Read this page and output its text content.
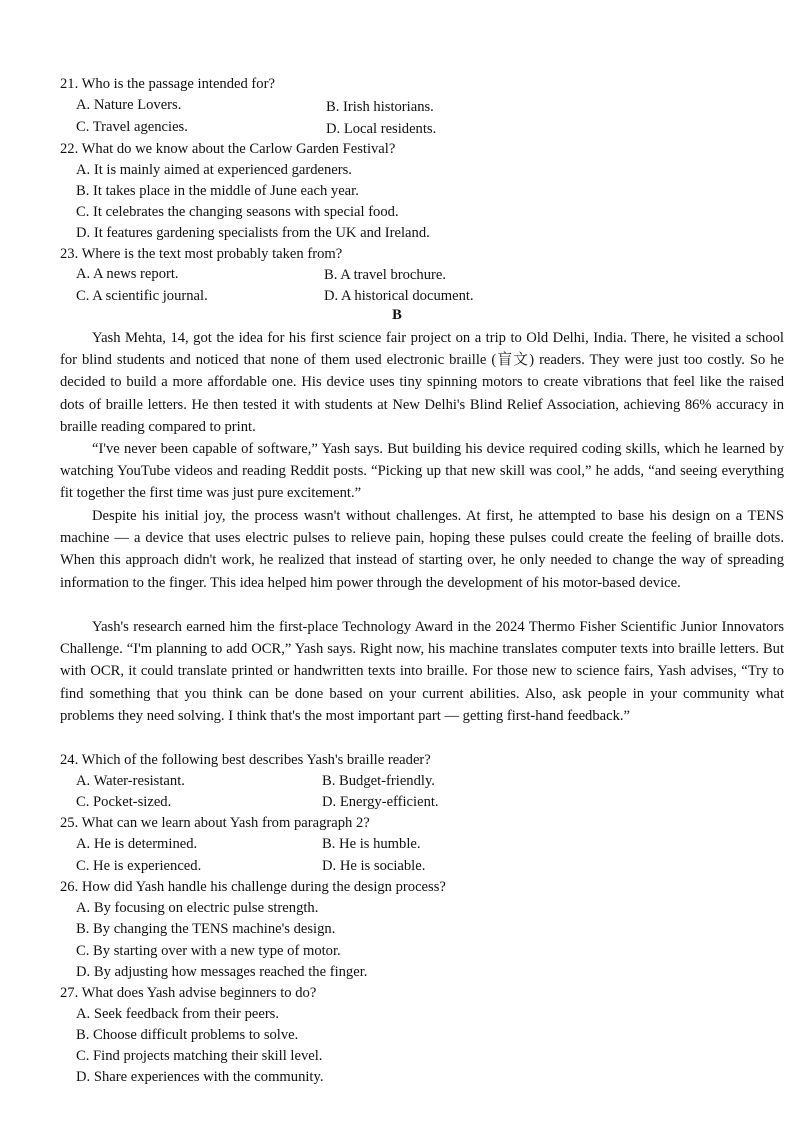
21. Who is the passage intended for?
A. Nature Lovers.	B. Irish historians.
C. Travel agencies.	D. Local residents.
22. What do we know about the Carlow Garden Festival?
A. It is mainly aimed at experienced gardeners.
B. It takes place in the middle of June each year.
C. It celebrates the changing seasons with special food.
D. It features gardening specialists from the UK and Ireland.
23. Where is the text most probably taken from?
A. A news report.	B. A travel brochure.
C. A scientific journal.	D. A historical document.
B
Yash Mehta, 14, got the idea for his first science fair project on a trip to Old Delhi, India. There, he visited a school for blind students and noticed that none of them used electronic braille (盲文) readers. They were just too costly. So he decided to build a more affordable one. His device uses tiny spinning motors to create vibrations that feel like the raised dots of braille letters. He then tested it with students at New Delhi's Blind Relief Association, achieving 86% accuracy in braille reading compared to print.
“I've never been capable of software,” Yash says. But building his device required coding skills, which he learned by watching YouTube videos and reading Reddit posts. “Picking up that new skill was cool,” he adds, “and seeing everything fit together the first time was just pure excitement.”
Despite his initial joy, the process wasn't without challenges. At first, he attempted to base his design on a TENS machine — a device that uses electric pulses to relieve pain, hoping these pulses could create the feeling of braille dots. When this approach didn't work, he realized that instead of starting over, he only needed to change the way of spreading information to the finger. This idea helped him power through the development of his motor-based device.
Yash's research earned him the first-place Technology Award in the 2024 Thermo Fisher Scientific Junior Innovators Challenge. “I'm planning to add OCR,” Yash says. Right now, his machine translates computer texts into braille letters. But with OCR, it could translate printed or handwritten texts into braille. For those new to science fairs, Yash advises, “Try to find something that you think can be done based on your current abilities. Also, ask people in your community what problems they need solving. I think that's the most important part — getting first-hand feedback.”
24. Which of the following best describes Yash's braille reader?
A. Water-resistant.	B. Budget-friendly.
C. Pocket-sized.	D. Energy-efficient.
25. What can we learn about Yash from paragraph 2?
A. He is determined.	B. He is humble.
C. He is experienced.	D. He is sociable.
26. How did Yash handle his challenge during the design process?
A. By focusing on electric pulse strength.
B. By changing the TENS machine's design.
C. By starting over with a new type of motor.
D. By adjusting how messages reached the finger.
27. What does Yash advise beginners to do?
A. Seek feedback from their peers.
B. Choose difficult problems to solve.
C. Find projects matching their skill level.
D. Share experiences with the community.
